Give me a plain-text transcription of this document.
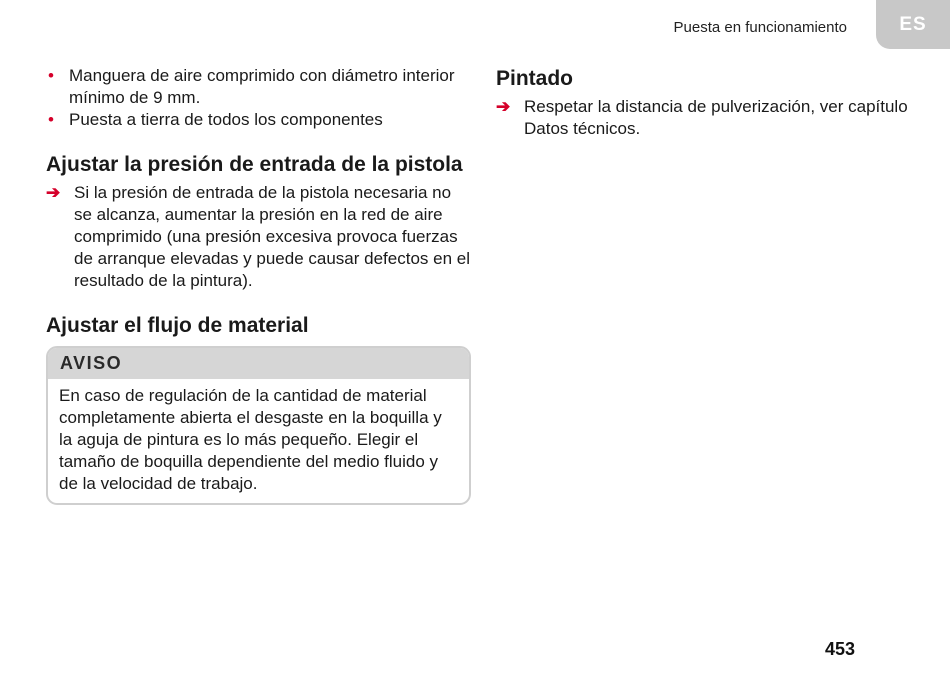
Puesta en funcionamiento	ES
• Manguera de aire comprimido con diámetro interior mínimo de 9 mm.
• Puesta a tierra de todos los componentes
Ajustar la presión de entrada de la pistola
➔ Si la presión de entrada de la pistola necesaria no se alcanza, aumentar la presión en la red de aire comprimido (una presión excesiva provoca fuerzas de arranque elevadas y puede causar defectos en el resultado de la pintura).
Ajustar el flujo de material
AVISO
En caso de regulación de la cantidad de material completamente abierta el desgaste en la boquilla y la aguja de pintura es lo más pequeño. Elegir el tamaño de boquilla dependiente del medio fluido y de la velocidad de trabajo.
Pintado
➔ Respetar la distancia de pulverización, ver capítulo Datos técnicos.
453
